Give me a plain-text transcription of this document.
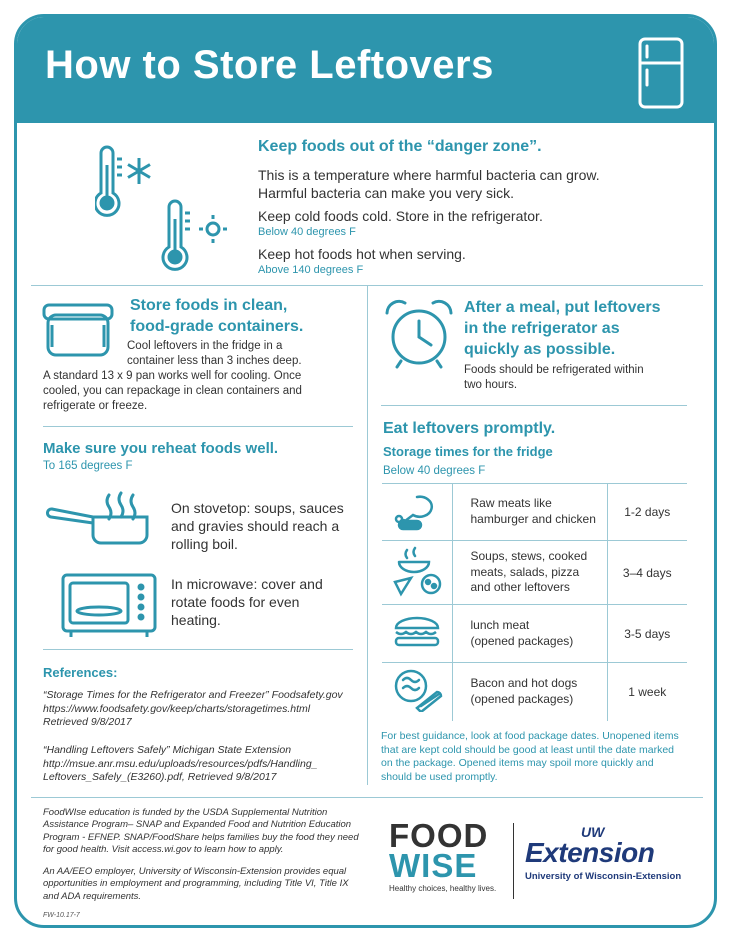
How to Store Leftovers
Keep foods out of the “danger zone”.

This is a temperature where harmful bacteria can grow.

Harmful bacteria can make you very sick.

Keep cold foods cold. Store in the refrigerator.

Below 40 degrees F

Keep hot foods hot when serving.

Above 140 degrees F

Store foods in clean,

food-grade containers.

Cool leftovers in the fridge in a

container less than 3 inches deep.

A standard 13 x 9 pan works well for cooling. Once

cooled, you can repackage in clean containers and

refrigerate or freeze.

Make sure you reheat foods well.

To 165 degrees F

On stovetop: soups, sauces

and gravies should reach a

rolling boil.

In microwave: cover and

rotate foods for even

heating.

References:

“Storage Times for the Refrigerator and Freezer” Foodsafety.gov

https://www.foodsafety.gov/keep/charts/storagetimes.html

Retrieved 9/8/2017

“Handling Leftovers Safely” Michigan State Extension

http://msue.anr.msu.edu/uploads/resources/pdfs/Handling_

Leftovers_Safely_(E3260).pdf, Retrieved 9/8/2017

After a meal, put leftovers

in the refrigerator as

quickly as possible.

Foods should be refrigerated within

two hours.

Eat leftovers promptly.

Storage times for the fridge

Below 40 degrees F

Raw meats like

hamburger and chicken	1-2 days

Soups, stews, cooked

meats, salads, pizza

and other leftovers	3–4 days

lunch meat

(opened packages)	3-5 days

Bacon and hot dogs

(opened packages)	1 week

For best guidance, look at food package dates. Unopened items

that are kept cold should be good at least until the date marked

on the package. Opened items may spoil more quickly and

should be used promptly.

FoodWIse education is funded by the USDA Supplemental Nutrition

Assistance Program– SNAP and Expanded Food and Nutrition Education

Program - EFNEP. SNAP/FoodShare helps families buy the food they need

for good health. Visit access.wi.gov to learn how to apply.

An AA/EEO employer, University of Wisconsin-Extension provides equal

opportunities in employment and programming, including Title VI, Title IX

and ADA requirements.

FW-10.17-7

FOOD

WISE

Healthy choices, healthy lives.

UW

Extension

University of Wisconsin-Extension
